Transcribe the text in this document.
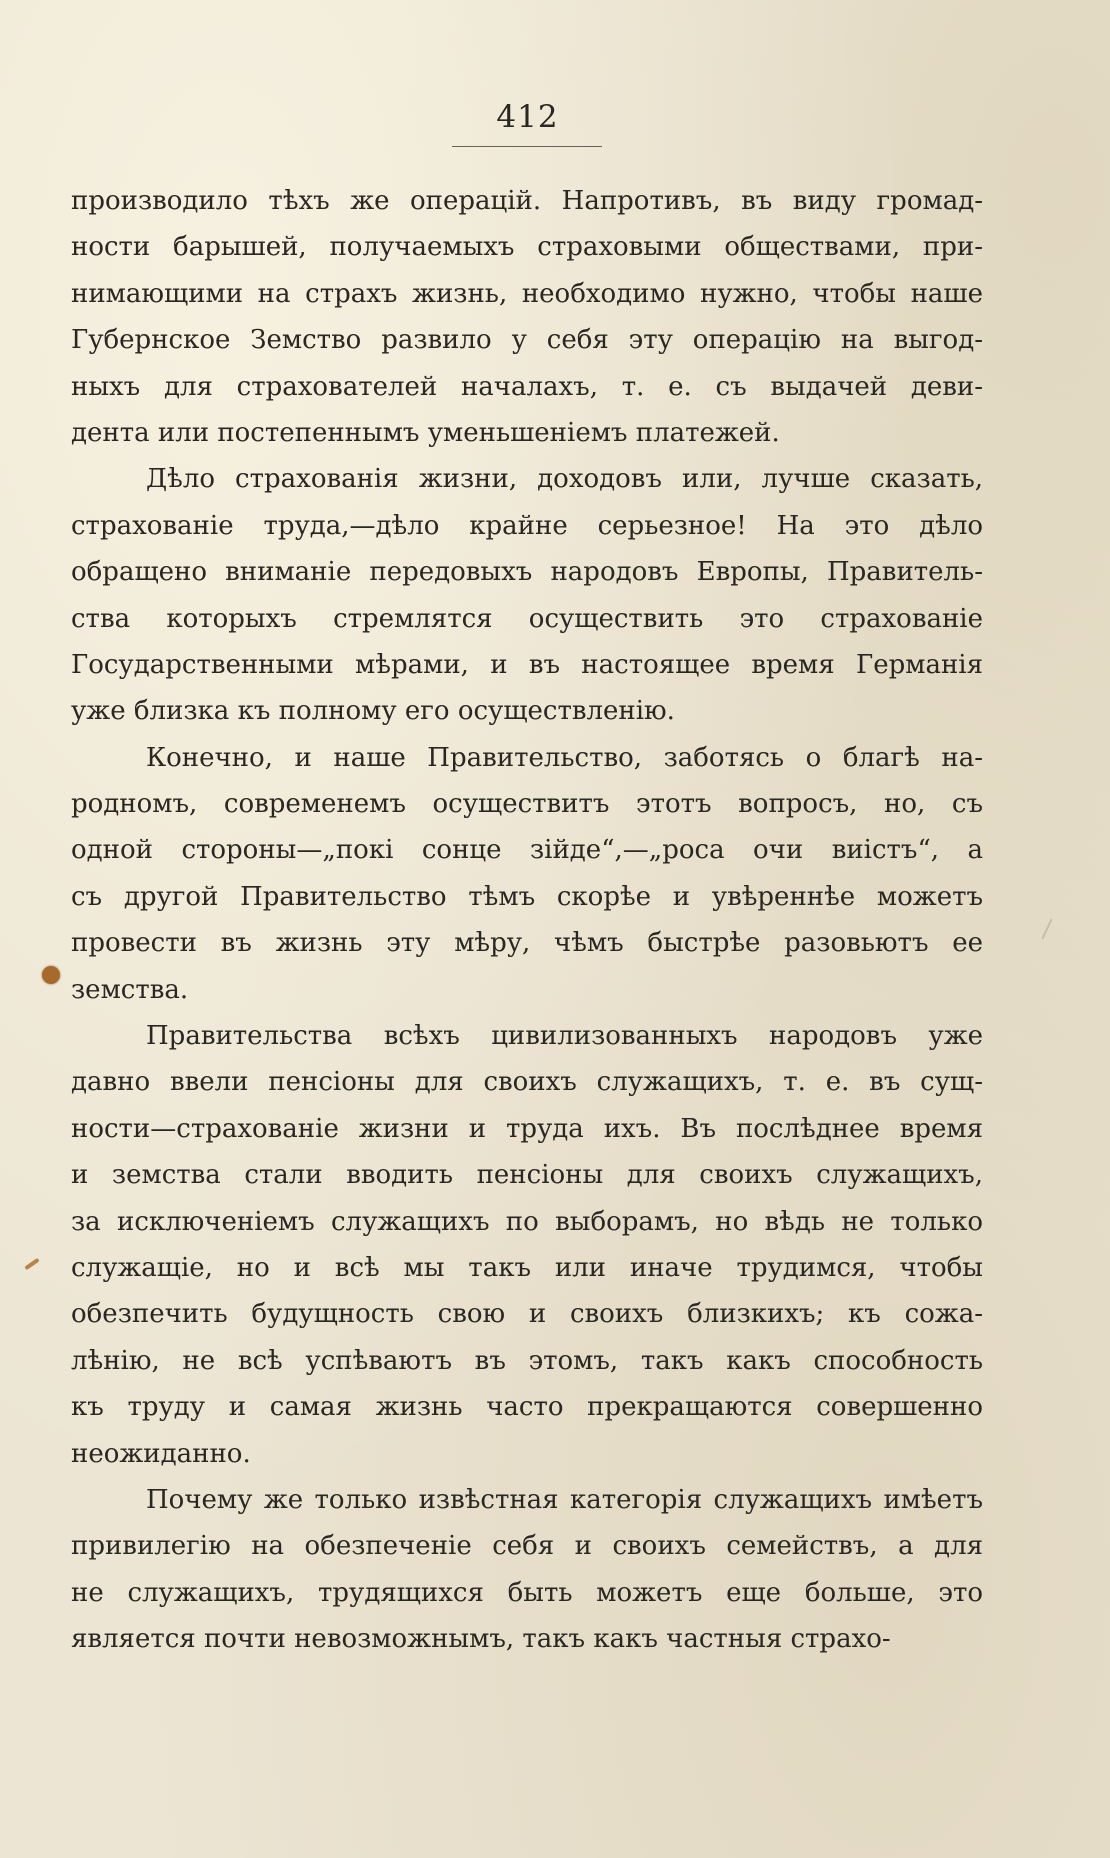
412
производило тѣхъ же операцій. Напротивъ, въ виду громад-
ности барышей, получаемыхъ страховыми обществами, при-
нимающими на страхъ жизнь, необходимо нужно, чтобы наше
Губернское Земство развило у себя эту операцію на выгод-
ныхъ для страхователей началахъ, т. е. съ выдачей деви-
дента или постепеннымъ уменьшеніемъ платежей.
Дѣло страхованія жизни, доходовъ или, лучше сказать,
страхованіе труда,—дѣло крайне серьезное! На это дѣло
обращено вниманіе передовыхъ народовъ Европы, Правитель-
ства которыхъ стремлятся осуществить это страхованіе
Государственными мѣрами, и въ настоящее время Германія
уже близка къ полному его осуществленію.
Конечно, и наше Правительство, заботясь о благѣ на-
родномъ, современемъ осуществитъ этотъ вопросъ, но, съ
одной стороны—„покі сонце зійде“,—„роса очи виістъ“, а
съ другой Правительство тѣмъ скорѣе и увѣреннѣе можетъ
провести въ жизнь эту мѣру, чѣмъ быстрѣе разовьютъ ее
земства.
Правительства всѣхъ цивилизованныхъ народовъ уже
давно ввели пенсіоны для своихъ служащихъ, т. е. въ сущ-
ности—страхованіе жизни и труда ихъ. Въ послѣднее время
и земства стали вводить пенсіоны для своихъ служащихъ,
за исключеніемъ служащихъ по выборамъ, но вѣдь не только
служащіе, но и всѣ мы такъ или иначе трудимся, чтобы
обезпечить будущность свою и своихъ близкихъ; къ сожа-
лѣнію, не всѣ успѣваютъ въ этомъ, такъ какъ способность
къ труду и самая жизнь часто прекращаются совершенно
неожиданно.
Почему же только извѣстная категорія служащихъ имѣетъ
привилегію на обезпеченіе себя и своихъ семействъ, а для
не служащихъ, трудящихся быть можетъ еще больше, это
является почти невозможнымъ, такъ какъ частныя страхо-
